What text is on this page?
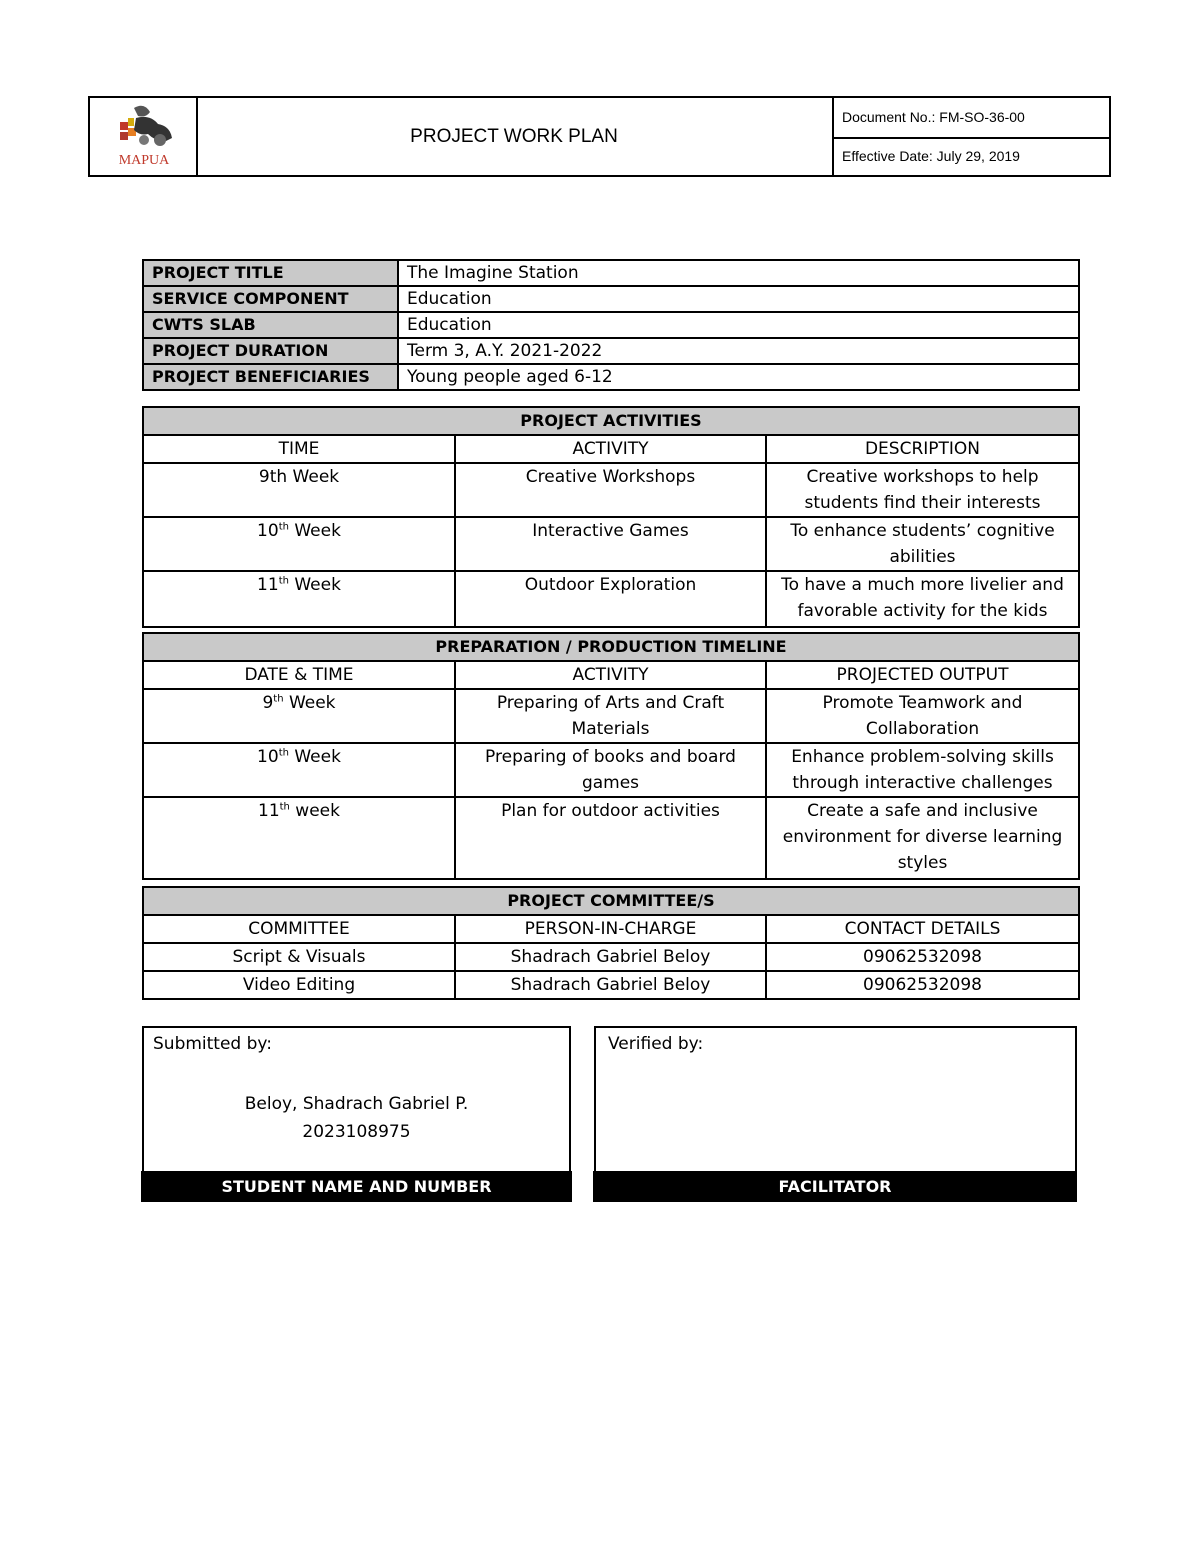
MAPUA
PROJECT WORK PLAN
Document No.: FM-SO-36-00
Effective Date: July 29, 2019
PROJECT TITLE	The Imagine Station
SERVICE COMPONENT	Education
CWTS SLAB	Education
PROJECT DURATION	Term 3, A.Y. 2021-2022
PROJECT BENEFICIARIES	Young people aged 6-12
PROJECT ACTIVITIES		
TIME	ACTIVITY	DESCRIPTION
9th Week	Creative Workshops	Creative workshops to help students find their interests
10th Week	Interactive Games	To enhance students’ cognitive abilities
11th Week	Outdoor Exploration	To have a much more livelier and favorable activity for the kids
PREPARATION / PRODUCTION TIMELINE		
DATE & TIME	ACTIVITY	PROJECTED OUTPUT
9th Week	Preparing of Arts and Craft Materials	Promote Teamwork and Collaboration
10th Week	Preparing of books and board games	Enhance problem-solving skills through interactive challenges
11th week	Plan for outdoor activities	Create a safe and inclusive environment for diverse learning styles
PROJECT COMMITTEE/S		
COMMITTEE	PERSON-IN-CHARGE	CONTACT DETAILS
Script & Visuals	Shadrach Gabriel Beloy	09062532098
Video Editing	Shadrach Gabriel Beloy	09062532098
Submitted by:
Beloy, Shadrach Gabriel P.
2023108975
STUDENT NAME AND NUMBER
Verified by:
FACILITATOR
